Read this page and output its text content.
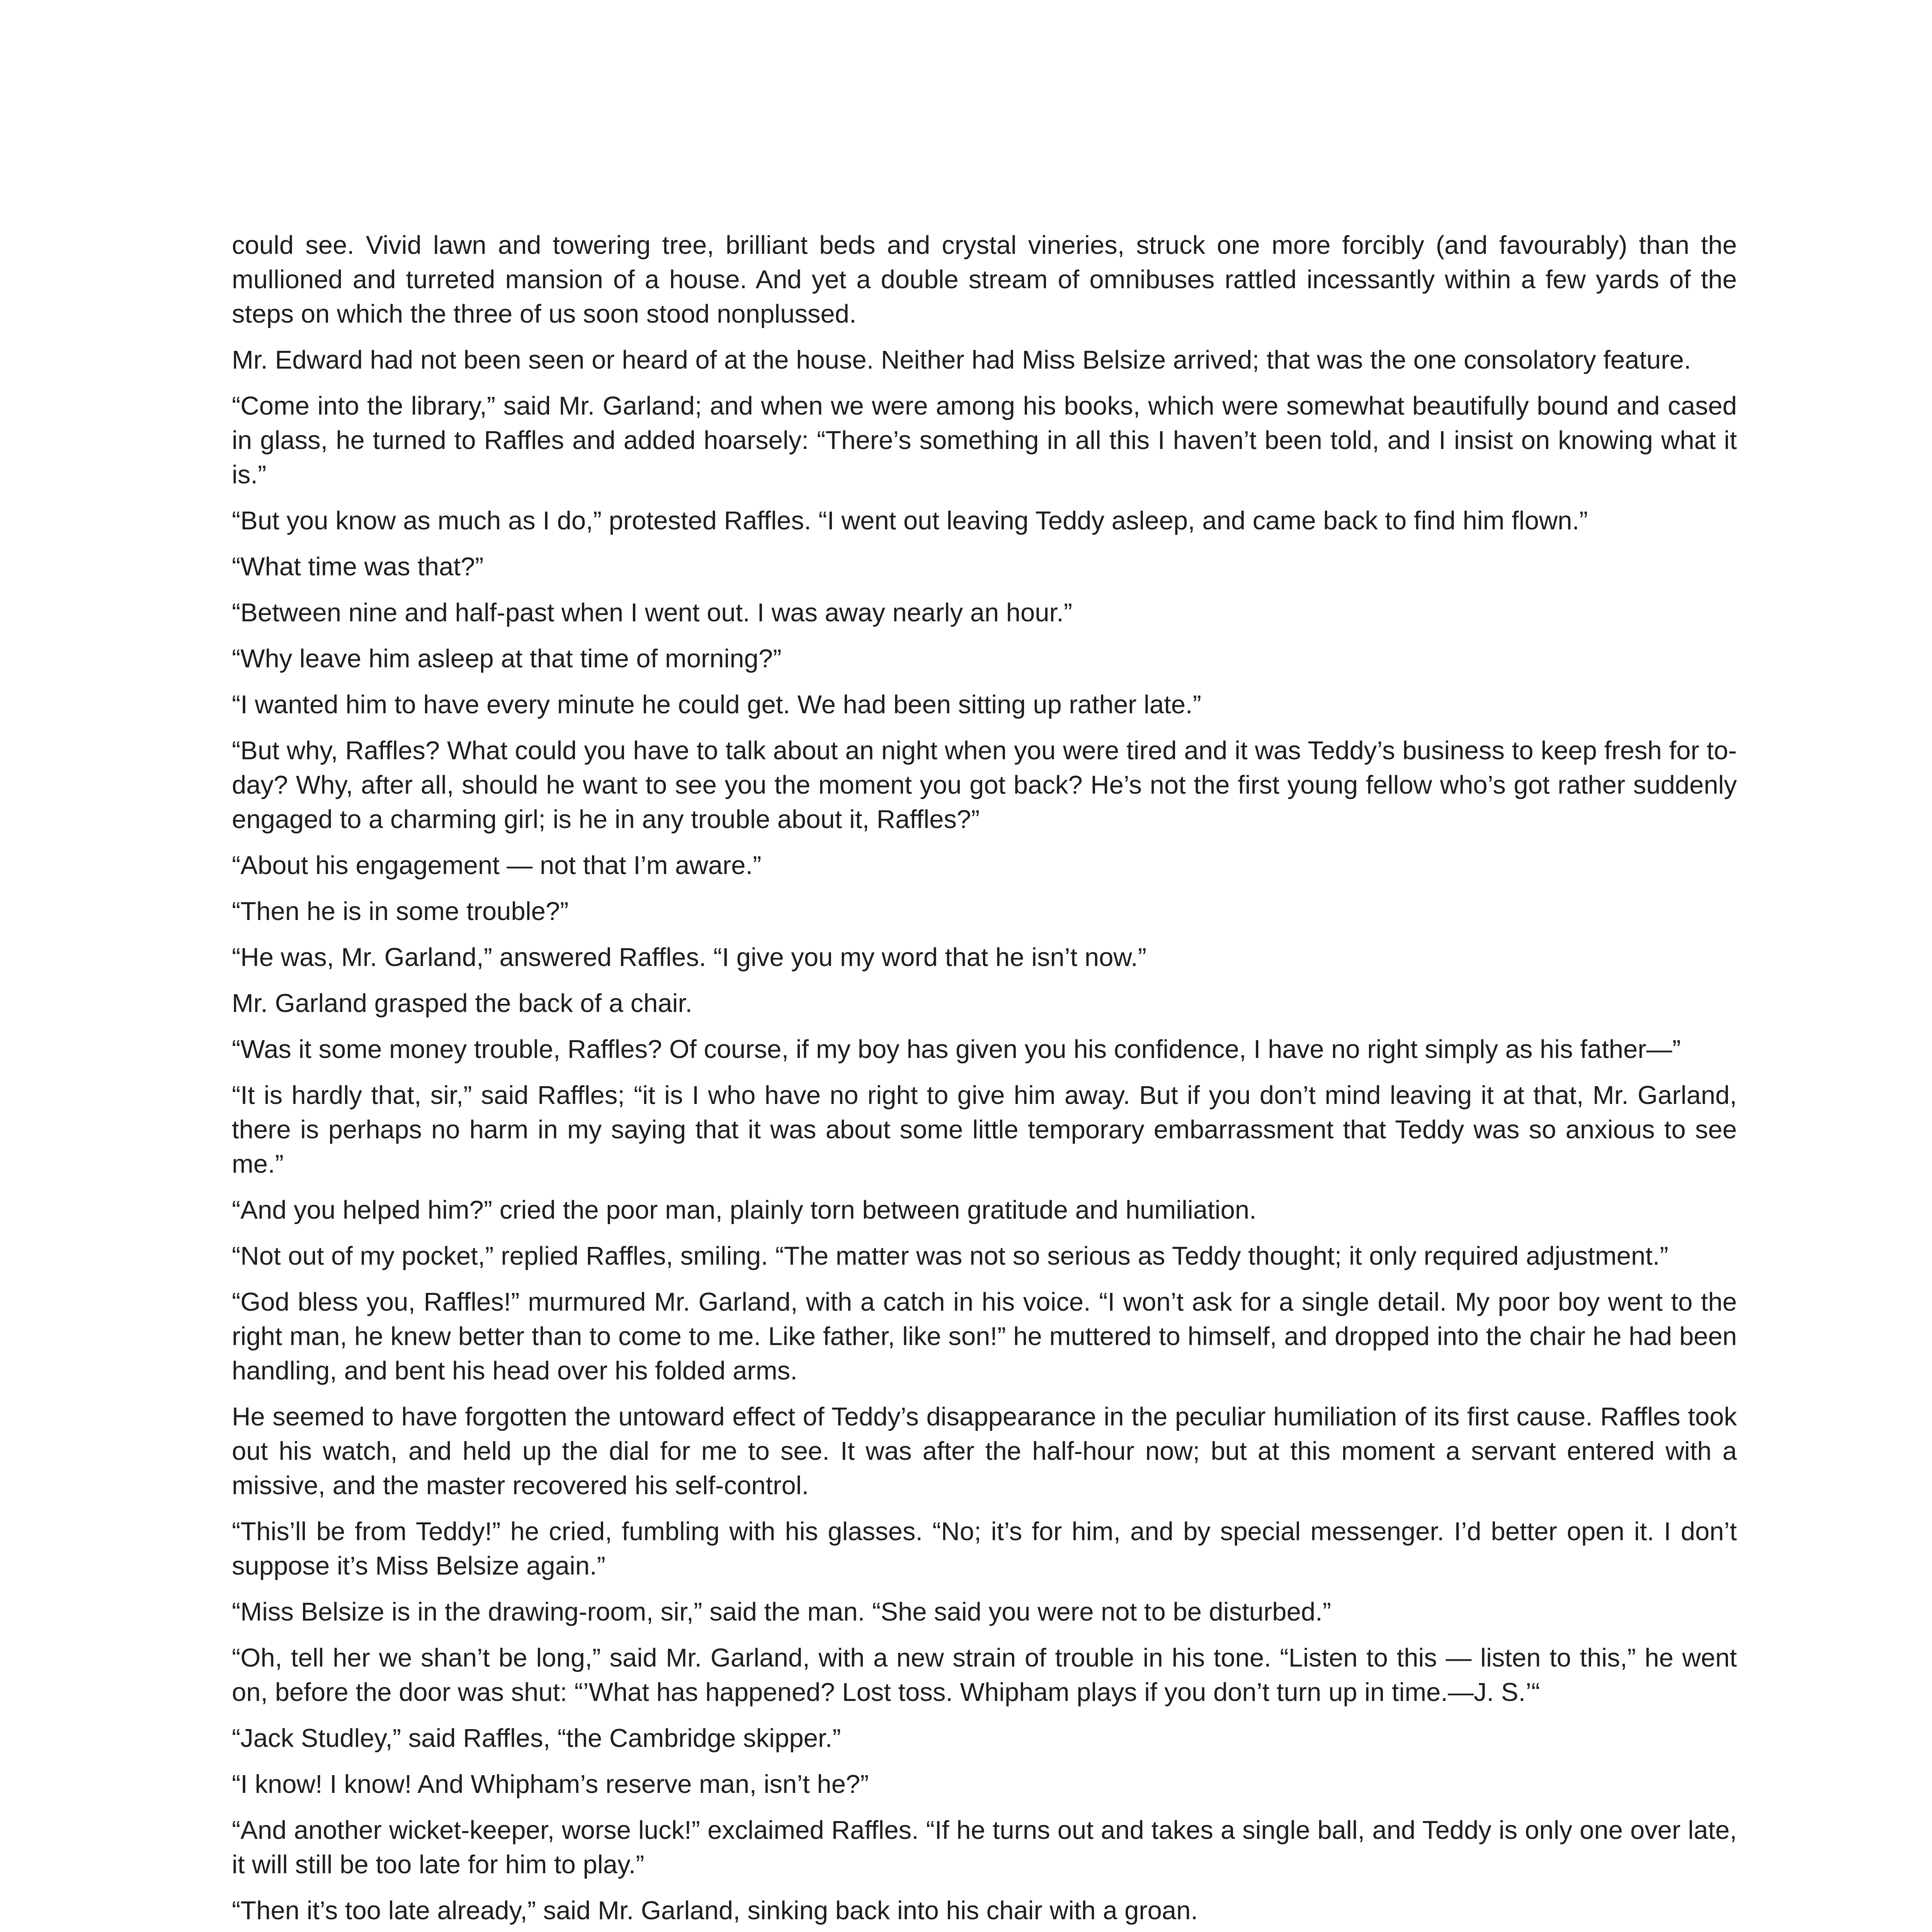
could see. Vivid lawn and towering tree, brilliant beds and crystal vineries, struck one more forcibly (and favourably) than the mullioned and turreted mansion of a house. And yet a double stream of omnibuses rattled incessantly within a few yards of the steps on which the three of us soon stood nonplussed.

Mr. Edward had not been seen or heard of at the house. Neither had Miss Belsize arrived; that was the one consolatory feature.

“Come into the library,” said Mr. Garland; and when we were among his books, which were somewhat beautifully bound and cased in glass, he turned to Raffles and added hoarsely: “There’s something in all this I haven’t been told, and I insist on knowing what it is.”

“But you know as much as I do,” protested Raffles. “I went out leaving Teddy asleep, and came back to find him flown.”

“What time was that?”

“Between nine and half-past when I went out. I was away nearly an hour.”

“Why leave him asleep at that time of morning?”

“I wanted him to have every minute he could get. We had been sitting up rather late.”

“But why, Raffles? What could you have to talk about an night when you were tired and it was Teddy’s business to keep fresh for to-day? Why, after all, should he want to see you the moment you got back? He’s not the first young fellow who’s got rather suddenly engaged to a charming girl; is he in any trouble about it, Raffles?”

“About his engagement — not that I’m aware.”

“Then he is in some trouble?”

“He was, Mr. Garland,” answered Raffles. “I give you my word that he isn’t now.”

Mr. Garland grasped the back of a chair.

“Was it some money trouble, Raffles? Of course, if my boy has given you his confidence, I have no right simply as his father—”

“It is hardly that, sir,” said Raffles; “it is I who have no right to give him away. But if you don’t mind leaving it at that, Mr. Garland, there is perhaps no harm in my saying that it was about some little temporary embarrassment that Teddy was so anxious to see me.”

“And you helped him?” cried the poor man, plainly torn between gratitude and humiliation.

“Not out of my pocket,” replied Raffles, smiling. “The matter was not so serious as Teddy thought; it only required adjustment.”

“God bless you, Raffles!” murmured Mr. Garland, with a catch in his voice. “I won’t ask for a single detail. My poor boy went to the right man, he knew better than to come to me. Like father, like son!” he muttered to himself, and dropped into the chair he had been handling, and bent his head over his folded arms.

He seemed to have forgotten the untoward effect of Teddy’s disappearance in the peculiar humiliation of its first cause. Raffles took out his watch, and held up the dial for me to see. It was after the half-hour now; but at this moment a servant entered with a missive, and the master recovered his self-control.

“This’ll be from Teddy!” he cried, fumbling with his glasses. “No; it’s for him, and by special messenger. I’d better open it. I don’t suppose it’s Miss Belsize again.”

“Miss Belsize is in the drawing-room, sir,” said the man. “She said you were not to be disturbed.”

“Oh, tell her we shan’t be long,” said Mr. Garland, with a new strain of trouble in his tone. “Listen to this — listen to this,” he went on, before the door was shut: “’What has happened? Lost toss. Whipham plays if you don’t turn up in time.—J. S.’“

“Jack Studley,” said Raffles, “the Cambridge skipper.”

“I know! I know! And Whipham’s reserve man, isn’t he?”

“And another wicket-keeper, worse luck!” exclaimed Raffles. “If he turns out and takes a single ball, and Teddy is only one over late, it will still be too late for him to play.”

“Then it’s too late already,” said Mr. Garland, sinking back into his chair with a groan.
